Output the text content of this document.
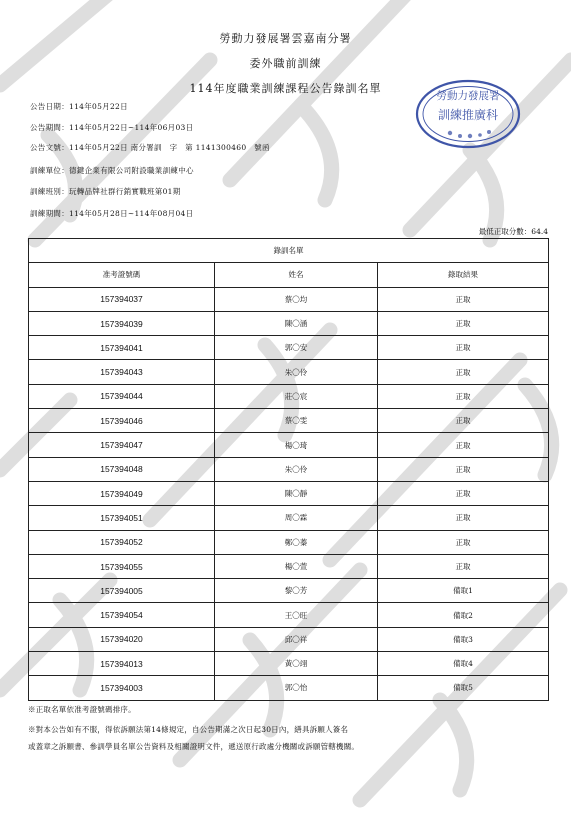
勞動力發展署雲嘉南分署
委外職前訓練
114年度職業訓練課程公告錄訓名單
公告日期：114年05月22日
公告期間：114年05月22日~114年06月03日
公告文號：114年05月22日 南分署訓　字　第 1141300460　號函
訓練單位：德鍵企業有限公司附設職業訓練中心
訓練班別：玩轉品牌社群行銷實戰班第01期
訓練期間：114年05月28日~114年08月04日
勞動力發展署
訓練推廣科
最低正取分數：64.4
錄訓名單		
准考證號碼	姓名	錄取結果
157394037	蔡〇均	正取
157394039	陳〇涵	正取
157394041	郭〇安	正取
157394043	朱〇伶	正取
157394044	莊〇宸	正取
157394046	蔡〇雯	正取
157394047	楊〇琦	正取
157394048	朱〇伶	正取
157394049	陳〇靜	正取
157394051	周〇霖	正取
157394052	鄭〇蓁	正取
157394055	楊〇萱	正取
157394005	黎〇芳	備取1
157394054	王〇旺	備取2
157394020	邱〇祥	備取3
157394013	黃〇翊	備取4
157394003	郭〇怡	備取5
※正取名單依准考證號碼排序。
※對本公告如有不服，得依訴願法第14條規定，自公告期滿之次日起30日內，繕具訴願人簽名
或蓋章之訴願書、參訓學員名單公告資料及相關證明文件，遞送原行政處分機關或訴願管轄機關。
